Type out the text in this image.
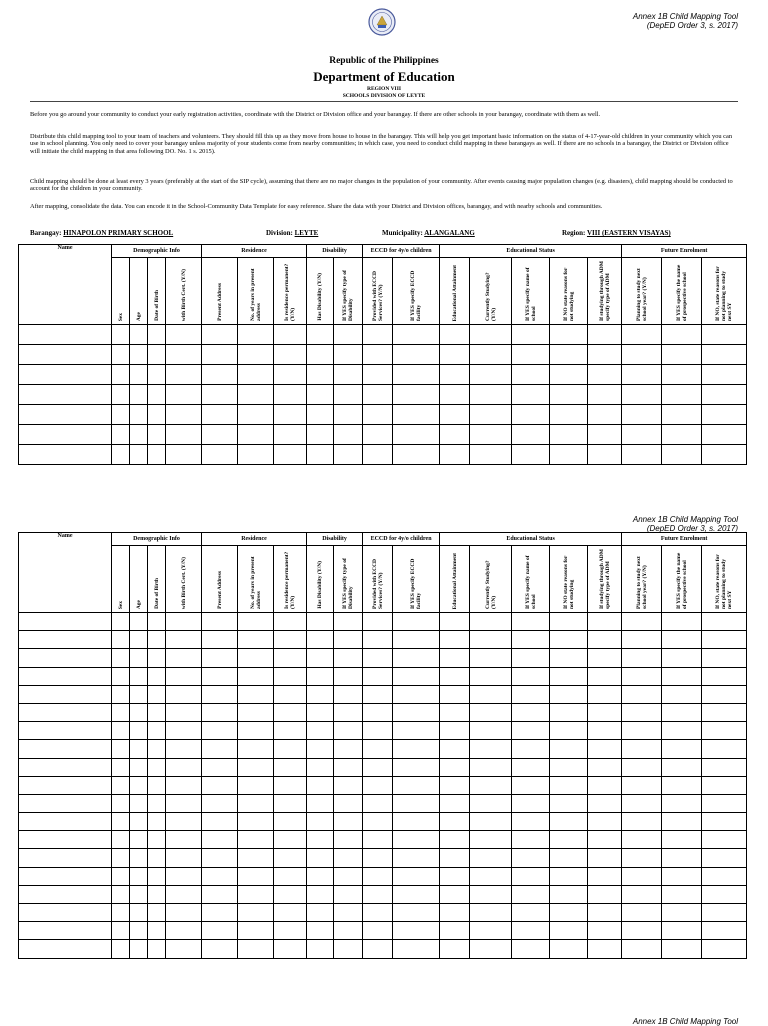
Annex 1B Child Mapping Tool
(DepED Order 3, s. 2017)
Republic of the Philippines
Department of Education
REGION VIII
SCHOOLS DIVISION OF LEYTE
Before you go around your community to conduct your early registration activities, coordinate with the District or Division office and your barangay. If there are other schools in your barangay, coordinate with them as well.
Distribute this child mapping tool to your team of teachers and volunteers. They should fill this up as they move from house to house in the barangay. This will help you get important basic information on the status of 4-17-year-old children in your community which you can use in school planning. You only need to cover your barangay unless majority of your students come from nearby communities; in which case, you need to conduct child mapping in these barangays as well. If there are no schools in a barangay, the District or Division office will initiate the child mapping in that area following DO. No. 1 s. 2015).
Child mapping should be done at least every 3 years (preferably at the start of the SIP cycle), assuming that there are no major changes in the population of your community. After events causing major population changes (e.g. disasters), child mapping should be conducted to account for the children in your community.
After mapping, consolidate the data. You can encode it in the School-Community Data Template for easy reference. Share the data with your District and Division offices, barangay, and with nearby schools and communities.
Barangay: HINAPOLON PRIMARY SCHOOL	Division: LEYTE	Municipality: ALANGALANG	Region: VIII (EASTERN VISAYAS)
Name	Demographic Info				Residence			Disability		ECCD for 4y/o children		Educational Status					Future Enrolment		

	Sex	Age	Date of Birth	with Birth Cert. (Y/N)	Present Address	No. of years in present address	Is residence permanent? (Y/N)	Has Disability (Y/N)	If YES specify type of Disability	Provided with ECCD Services? (Y/N)	If YES specify ECCD facility	Educational Attainment	Currently Studying? (Y/N)	If YES specify name of school	If NO state reasons for not studying	If studying through ADM specify type of ADM	Planning to study next school year? (Y/N)	If YES specify the name of prospective school	If NO, state reasons for not planning to study next SY

Annex 1B Child Mapping Tool
(DepED Order 3, s. 2017)
Name	Demographic Info				Residence			Disability		ECCD for 4y/o children		Educational Status					Future Enrolment		

	Sex	Age	Date of Birth	with Birth Cert. (Y/N)	Present Address	No. of years in present address	Is residence permanent? (Y/N)	Has Disability (Y/N)	If YES specify type of Disability	Provided with ECCD Services? (Y/N)	If YES specify ECCD facility	Educational Attainment	Currently Studying? (Y/N)	If YES specify name of school	If NO state reasons for not studying	If studying through ADM specify type of ADM	Planning to study next school year? (Y/N)	If YES specify the name of prospective school	If NO, state reasons for not planning to study next SY

Annex 1B Child Mapping Tool
